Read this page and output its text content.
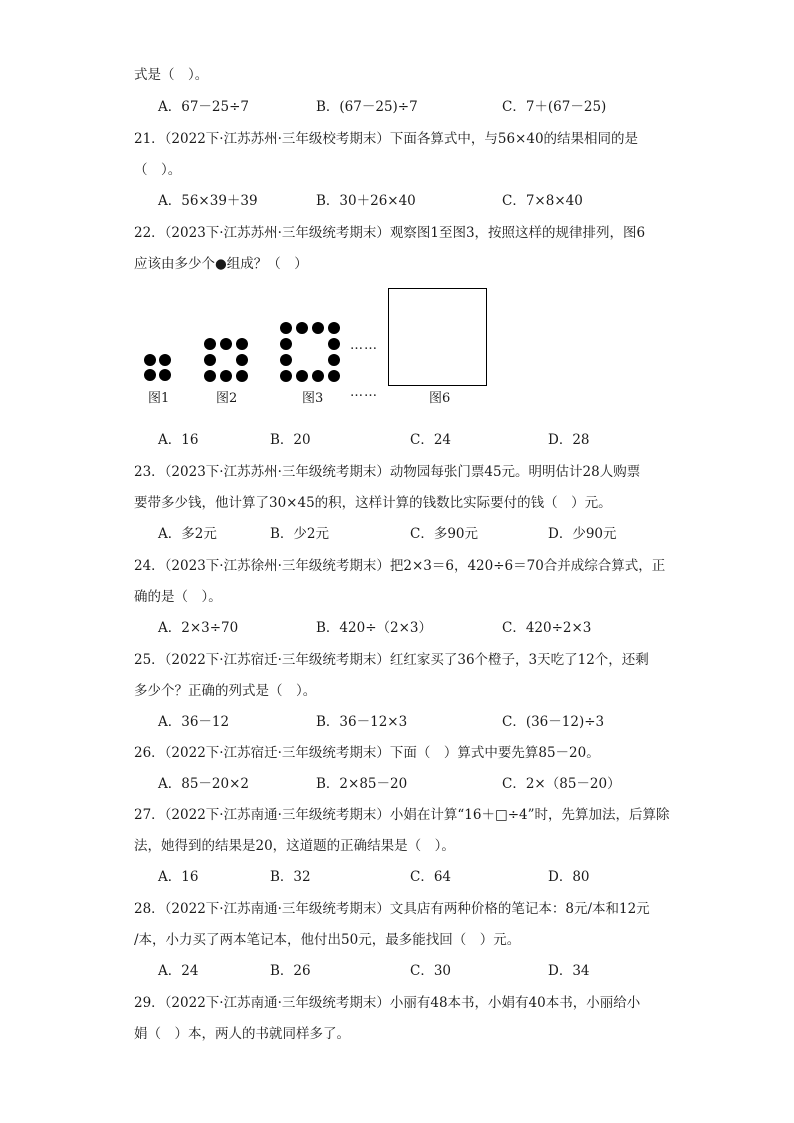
式是（　）。
A．67－25÷7	B．(67－25)÷7	C．7＋(67－25)
21．（2022下·江苏苏州·三年级校考期末）下面各算式中，与56×40的结果相同的是
（　）。
A．56×39＋39	B．30＋26×40	C．7×8×40
22．（2023下·江苏苏州·三年级统考期末）观察图1至图3，按照这样的规律排列，图6
应该由多少个●组成？（　）
图1	图2	图3
……
……	图6
A．16	B．20	C．24	D．28
23．（2023下·江苏苏州·三年级统考期末）动物园每张门票45元。明明估计28人购票
要带多少钱，他计算了30×45的积，这样计算的钱数比实际要付的钱（　）元。
A．多2元	B．少2元	C．多90元	D．少90元
24．（2023下·江苏徐州·三年级统考期末）把2×3＝6，420÷6＝70合并成综合算式，正
确的是（　）。
A．2×3÷70	B．420÷（2×3）	C．420÷2×3
25．（2022下·江苏宿迁·三年级统考期末）红红家买了36个橙子，3天吃了12个，还剩
多少个？正确的列式是（　）。
A．36－12	B．36－12×3	C．(36－12)÷3
26．（2022下·江苏宿迁·三年级统考期末）下面（　）算式中要先算85－20。
A．85－20×2	B．2×85－20	C．2×（85－20）
27．（2022下·江苏南通·三年级统考期末）小娟在计算“16＋□÷4”时，先算加法，后算除
法，她得到的结果是20，这道题的正确结果是（　）。
A．16	B．32	C．64	D．80
28．（2022下·江苏南通·三年级统考期末）文具店有两种价格的笔记本：8元/本和12元
/本，小力买了两本笔记本，他付出50元，最多能找回（　）元。
A．24	B．26	C．30	D．34
29．（2022下·江苏南通·三年级统考期末）小丽有48本书，小娟有40本书，小丽给小
娟（　）本，两人的书就同样多了。
